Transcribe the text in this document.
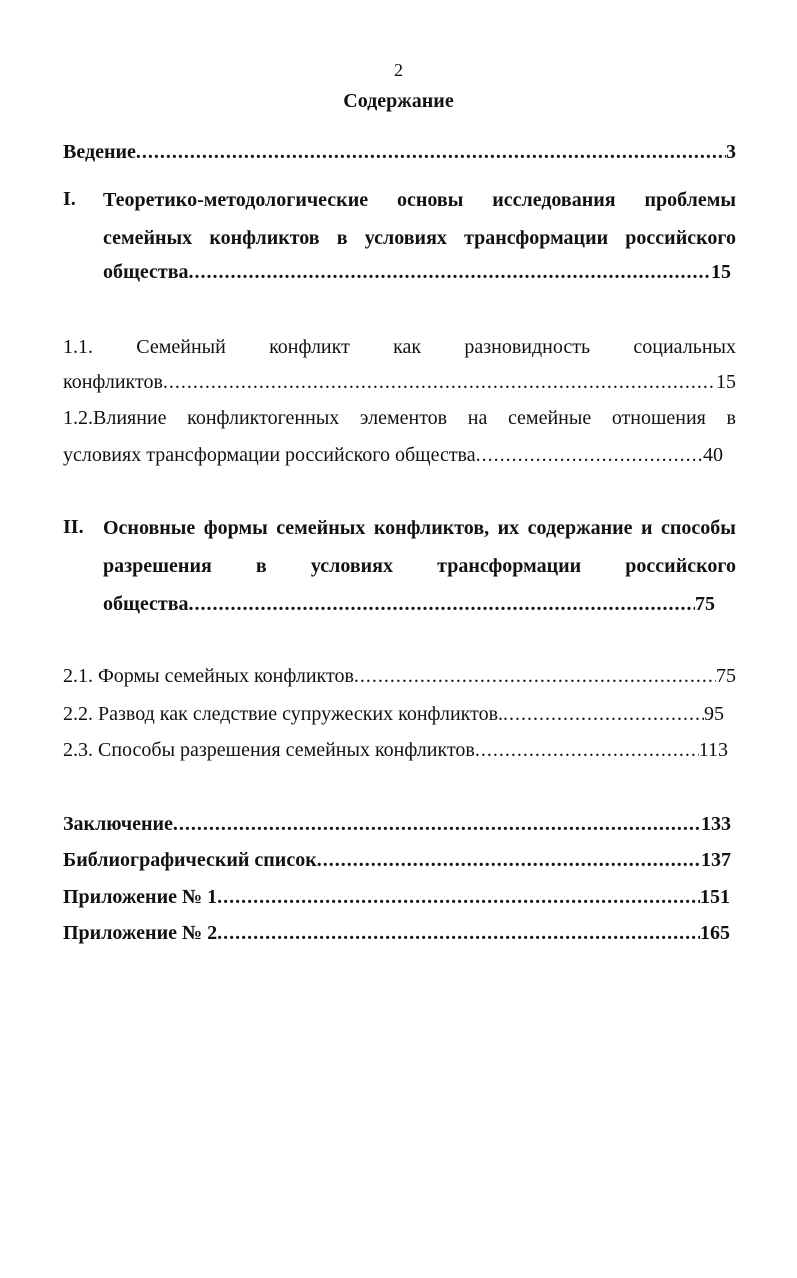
2
Содержание
Ведение .....	3
I. Теоретико-методологические основы исследования проблемы
семейных конфликтов в условиях трансформации российского
общества .....	15
1.1. Семейный конфликт как разновидность социальных
конфликтов .....	15
1.2.Влияние конфликтогенных элементов на семейные отношения в
условиях трансформации российского общества .....	40
II. Основные формы семейных конфликтов, их содержание и способы
разрешения в условиях трансформации российского
общества .....	75
2.1. Формы семейных конфликтов .....	75
2.2. Развод как следствие супружеских конфликтов. .....	95
2.3. Способы разрешения семейных конфликтов .....	113
Заключение .....	133
Библиографический список .....	137
Приложение № 1 .....	151
Приложение № 2 .....	165
